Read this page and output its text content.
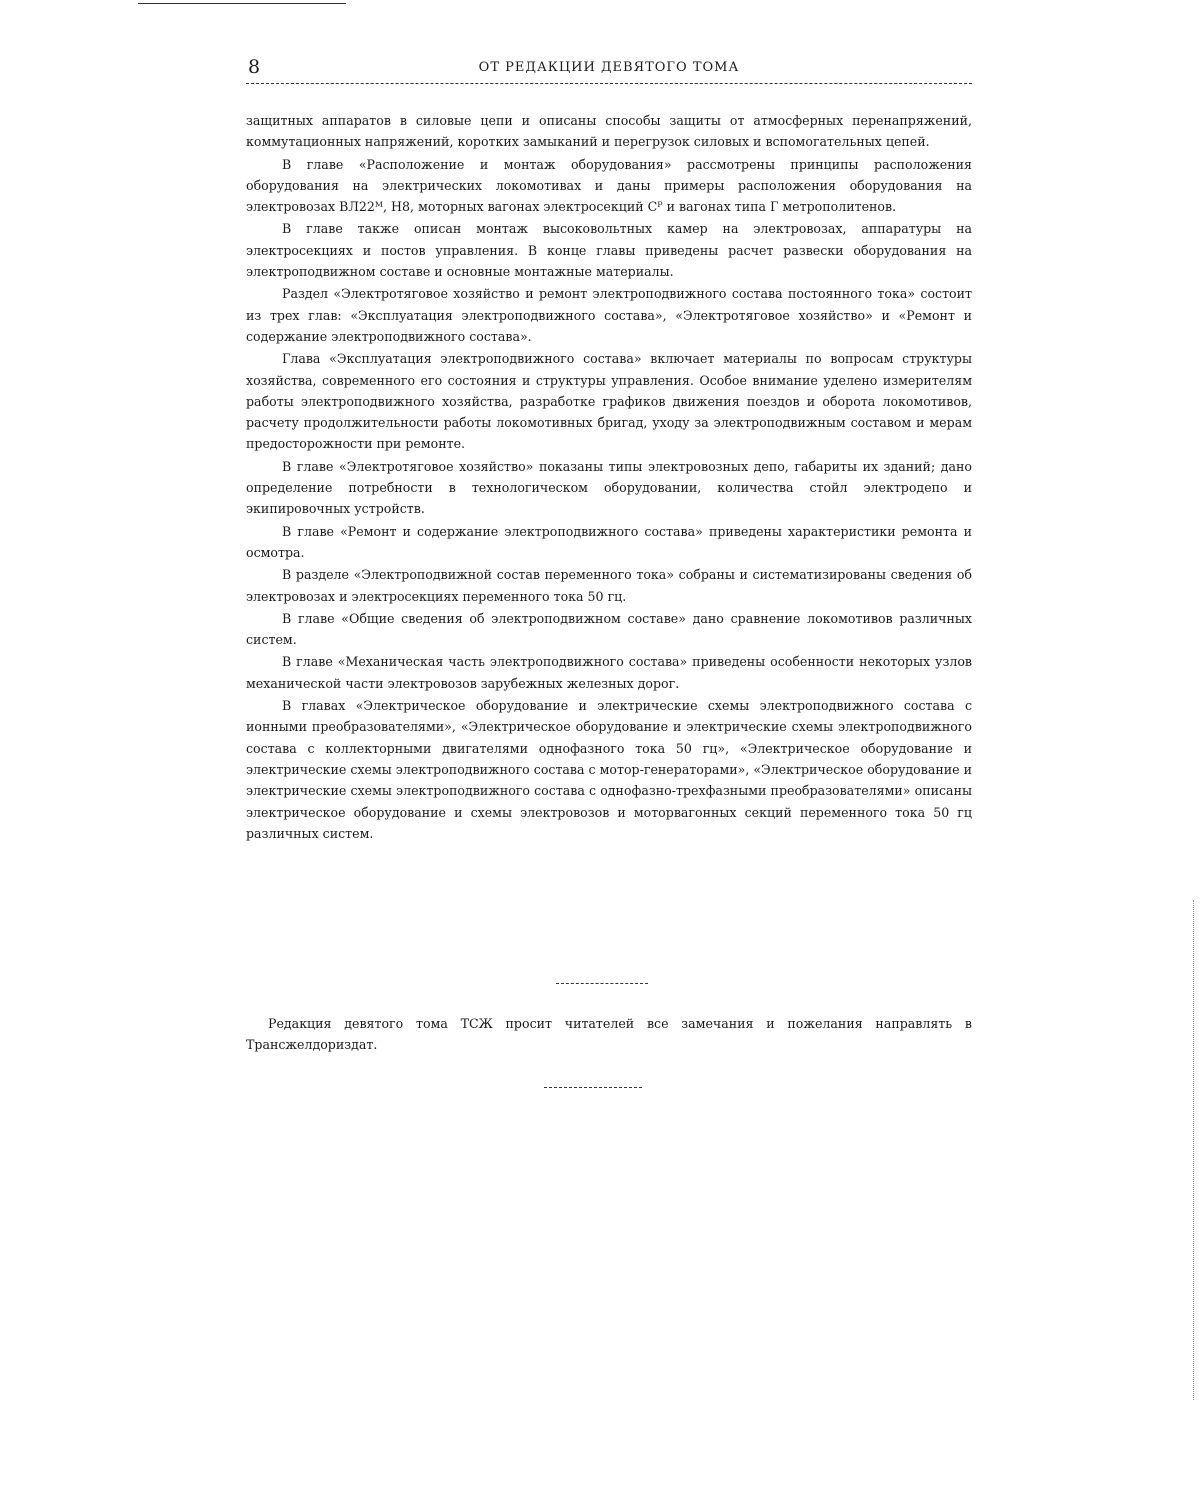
8	ОТ РЕДАКЦИИ ДЕВЯТОГО ТОМА

защитных аппаратов в силовые цепи и описаны способы защиты от атмосферных перенапряжений, коммутационных напряжений, коротких замыканий и перегрузок силовых и вспомогательных цепей.

В главе «Расположение и монтаж оборудования» рассмотрены принципы расположения оборудования на электрических локомотивах и даны примеры расположения оборудования на электровозах ВЛ22ᴹ, Н8, моторных вагонах электросекций Сᴾ и вагонах типа Г метрополитенов.

В главе также описан монтаж высоковольтных камер на электровозах, аппаратуры на электросекциях и постов управления. В конце главы приведены расчет развески оборудования на электроподвижном составе и основные монтажные материалы.

Раздел «Электротяговое хозяйство и ремонт электроподвижного состава постоянного тока» состоит из трех глав: «Эксплуатация электроподвижного состава», «Электротяговое хозяйство» и «Ремонт и содержание электроподвижного состава».

Глава «Эксплуатация электроподвижного состава» включает материалы по вопросам структуры хозяйства, современного его состояния и структуры управления. Особое внимание уделено измерителям работы электроподвижного хозяйства, разработке графиков движения поездов и оборота локомотивов, расчету продолжительности работы локомотивных бригад, уходу за электроподвижным составом и мерам предосторожности при ремонте.

В главе «Электротяговое хозяйство» показаны типы электровозных депо, габариты их зданий; дано определение потребности в технологическом оборудовании, количества стойл электродепо и экипировочных устройств.

В главе «Ремонт и содержание электроподвижного состава» приведены характеристики ремонта и осмотра.

В разделе «Электроподвижной состав переменного тока» собраны и систематизированы сведения об электровозах и электросекциях переменного тока 50 гц.

В главе «Общие сведения об электроподвижном составе» дано сравнение локомотивов различных систем.

В главе «Механическая часть электроподвижного состава» приведены особенности некоторых узлов механической части электровозов зарубежных железных дорог.

В главах «Электрическое оборудование и электрические схемы электроподвижного состава с ионными преобразователями», «Электрическое оборудование и электрические схемы электроподвижного состава с коллекторными двигателями однофазного тока 50 гц», «Электрическое оборудование и электрические схемы электроподвижного состава с мотор-генераторами», «Электрическое оборудование и электрические схемы электроподвижного состава с однофазно-трехфазными преобразователями» описаны электрическое оборудование и схемы электровозов и моторвагонных секций переменного тока 50 гц различных систем.

Редакция девятого тома ТСЖ просит читателей все замечания и пожелания направлять в Трансжелдориздат.
